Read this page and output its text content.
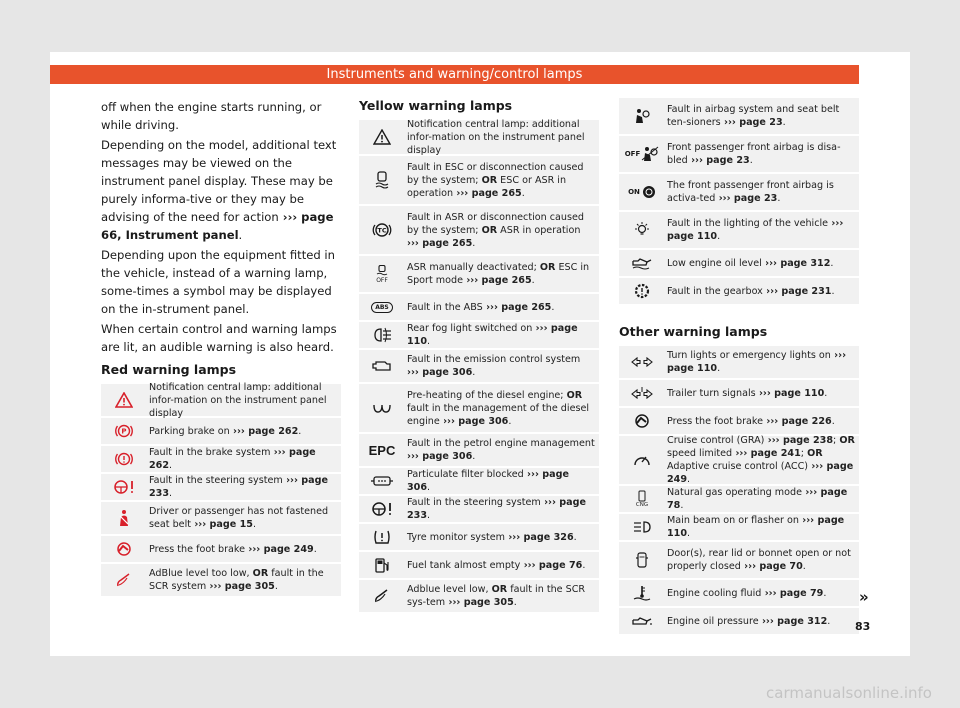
Instruments and warning/control lamps

off when the engine starts running, or while driving.

Depending on the model, additional text messages may be viewed on the instrument panel display. These may be purely informa-tive or they may be advising of the need for action ››› page 66, Instrument panel.

Depending upon the equipment fitted in the vehicle, instead of a warning lamp, some-times a symbol may be displayed on the in-strument panel.

When certain control and warning lamps are lit, an audible warning is also heard.

Red warning lamps
Notification central lamp: additional infor-mation on the instrument panel display
P Parking brake on ››› page 262.
Fault in the brake system ››› page 262.
Fault in the steering system ››› page 233.
Driver or passenger has not fastened seat belt ››› page 15.
Press the foot brake ››› page 249.
AdBlue level too low, OR fault in the SCR system ››› page 305.
Yellow warning lamps
Notification central lamp: additional infor-mation on the instrument panel display
Fault in ESC or disconnection caused by the system; OR ESC or ASR in operation ››› page 265.
TC
Fault in ASR or disconnection caused by the system; OR ASR in operation ››› page 265.
OFF
ASR manually deactivated; OR ESC in Sport mode ››› page 265.
ABS	Fault in the ABS ››› page 265.
Rear fog light switched on ››› page 110.
Fault in the emission control system ››› page 306.
Pre-heating of the diesel engine; OR fault in the management of the diesel engine ››› page 306.
EPC Fault in the petrol engine management ››› page 306.
Particulate filter blocked ››› page 306.
Fault in the steering system ››› page 233.
Tyre monitor system ››› page 326.
Fuel tank almost empty ››› page 76.
Adblue level low, OR fault in the SCR sys-tem ››› page 305.
Fault in airbag system and seat belt ten-sioners ››› page 23.
OFF
Front passenger front airbag is disa-bled ››› page 23.
ON
The front passenger front airbag is activa-ted ››› page 23.
Fault in the lighting of the vehicle ››› page 110.
Low engine oil level ››› page 312.
Fault in the gearbox ››› page 231.
Other warning lamps
Turn lights or emergency lights on ››› page 110.
Trailer turn signals ››› page 110.
Press the foot brake ››› page 226.
Cruise control (GRA) ››› page 238; OR speed limited ››› page 241; OR Adaptive cruise control (ACC) ››› page 249.
CNG
Natural gas operating mode ››› page 78.
Main beam on or flasher on ››› page 110.
Door(s), rear lid or bonnet open or not properly closed ››› page 70.
Engine cooling fluid ››› page 79.
Engine oil pressure ››› page 312.
»
83
carmanualsonline.info
